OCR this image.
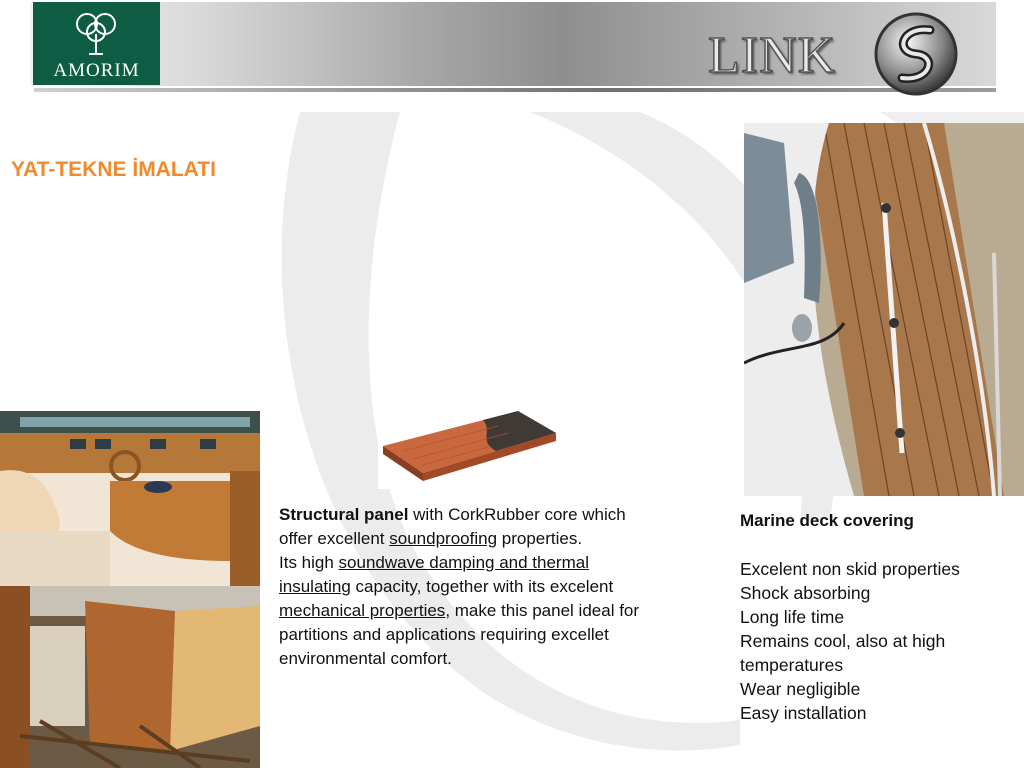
AMORIM	LINK
YAT-TEKNE İMALATI
Structural panel with CorkRubber core which offer excellent soundproofing properties.
Its high soundwave damping and thermal insulating capacity, together with its excelent mechanical properties, make this panel ideal for partitions and applications requiring excellet environmental comfort.
Marine deck covering
Excelent non skid properties
Shock absorbing
Long life time
Remains cool, also at high temperatures
Wear negligible
Easy installation
